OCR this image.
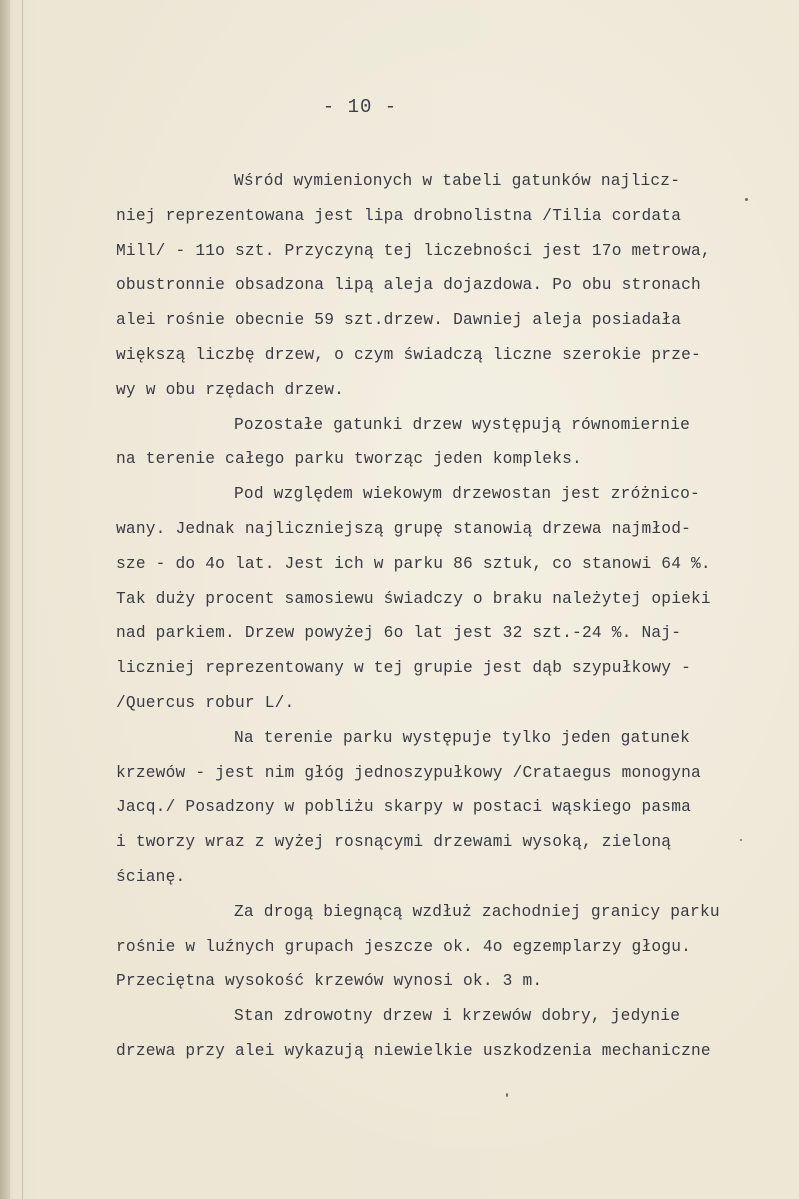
- 10 -
Wśród wymienionych w tabeli gatunków najlicz-
niej reprezentowana jest lipa drobnolistna /Tilia cordata
Mill/ - 11o szt. Przyczyną tej liczebności jest 17o metrowa,
obustronnie obsadzona lipą aleja dojazdowa. Po obu stronach
alei rośnie obecnie 59 szt.drzew. Dawniej aleja posiadała
większą liczbę drzew, o czym świadczą liczne szerokie prze-
wy w obu rzędach drzew.
Pozostałe gatunki drzew występują równomiernie
na terenie całego parku tworząc jeden kompleks.
Pod względem wiekowym drzewostan jest zróżnico-
wany. Jednak najliczniejszą grupę stanowią drzewa najmłod-
sze - do 4o lat. Jest ich w parku 86 sztuk, co stanowi 64 %.
Tak duży procent samosiewu świadczy o braku należytej opieki
nad parkiem. Drzew powyżej 6o lat jest 32 szt.-24 %. Naj-
liczniej reprezentowany w tej grupie jest dąb szypułkowy -
/Quercus robur L/.
Na terenie parku występuje tylko jeden gatunek
krzewów - jest nim głóg jednoszypułkowy /Crataegus monogyna
Jacq./ Posadzony w pobliżu skarpy w postaci wąskiego pasma
i tworzy wraz z wyżej rosnącymi drzewami wysoką, zieloną
ścianę.
Za drogą biegnącą wzdłuż zachodniej granicy parku
rośnie w luźnych grupach jeszcze ok. 4o egzemplarzy głogu.
Przeciętna wysokość krzewów wynosi ok. 3 m.
Stan zdrowotny drzew i krzewów dobry, jedynie
drzewa przy alei wykazują niewielkie uszkodzenia mechaniczne
